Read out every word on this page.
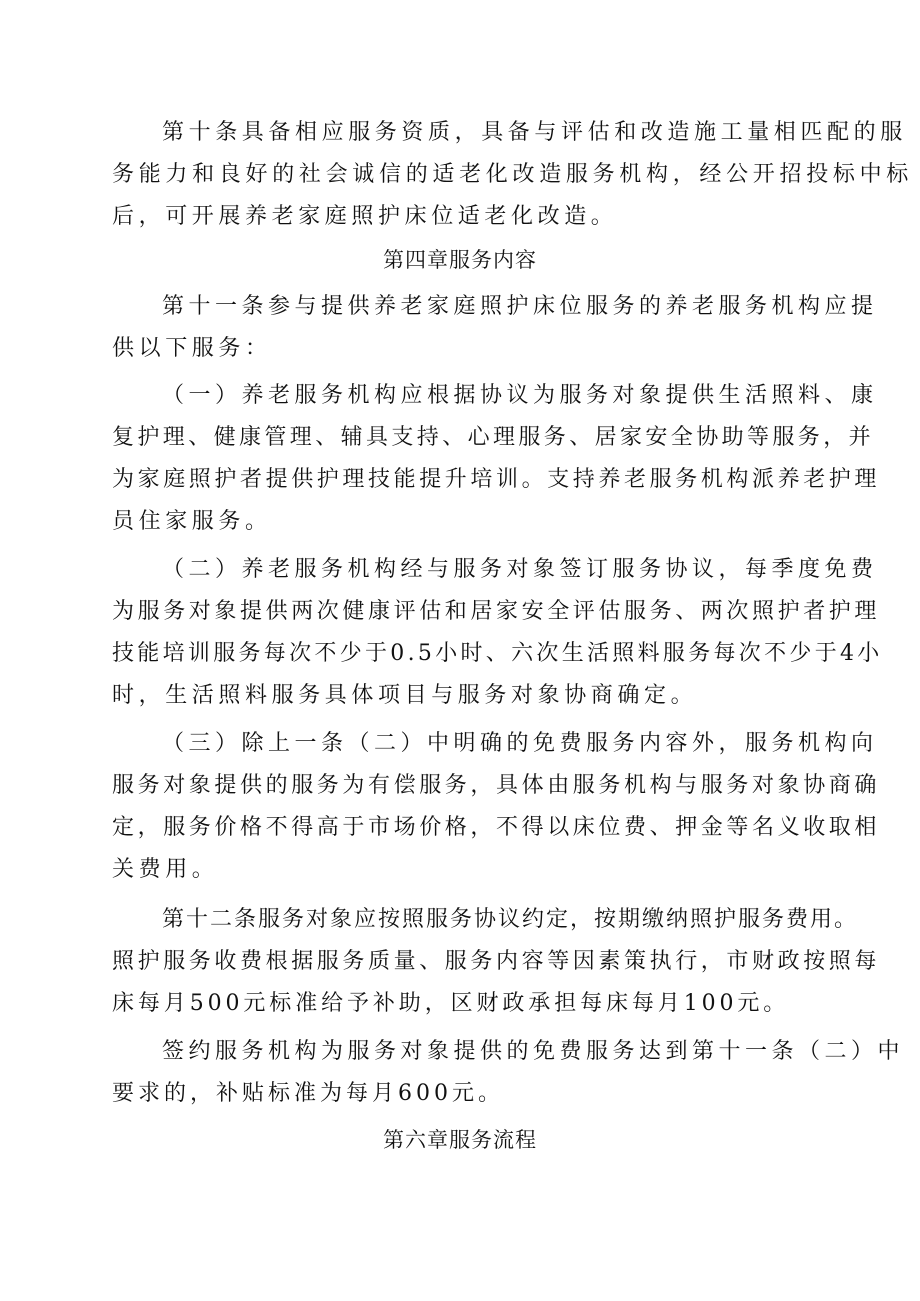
第十条具备相应服务资质，具备与评估和改造施工量相匹配的服
务能力和良好的社会诚信的适老化改造服务机构，经公开招投标中标
后，可开展养老家庭照护床位适老化改造。
第四章服务内容
第十一条参与提供养老家庭照护床位服务的养老服务机构应提
供以下服务：
（一）养老服务机构应根据协议为服务对象提供生活照料、康
复护理、健康管理、辅具支持、心理服务、居家安全协助等服务，并
为家庭照护者提供护理技能提升培训。支持养老服务机构派养老护理
员住家服务。
（二）养老服务机构经与服务对象签订服务协议，每季度免费
为服务对象提供两次健康评估和居家安全评估服务、两次照护者护理
技能培训服务每次不少于0.5小时、六次生活照料服务每次不少于4小
时，生活照料服务具体项目与服务对象协商确定。
（三）除上一条（二）中明确的免费服务内容外，服务机构向
服务对象提供的服务为有偿服务，具体由服务机构与服务对象协商确
定，服务价格不得高于市场价格，不得以床位费、押金等名义收取相
关费用。
第十二条服务对象应按照服务协议约定，按期缴纳照护服务费用。
照护服务收费根据服务质量、服务内容等因素策执行，市财政按照每
床每月500元标准给予补助，区财政承担每床每月100元。
签约服务机构为服务对象提供的免费服务达到第十一条（二）中
要求的，补贴标准为每月600元。
第六章服务流程
